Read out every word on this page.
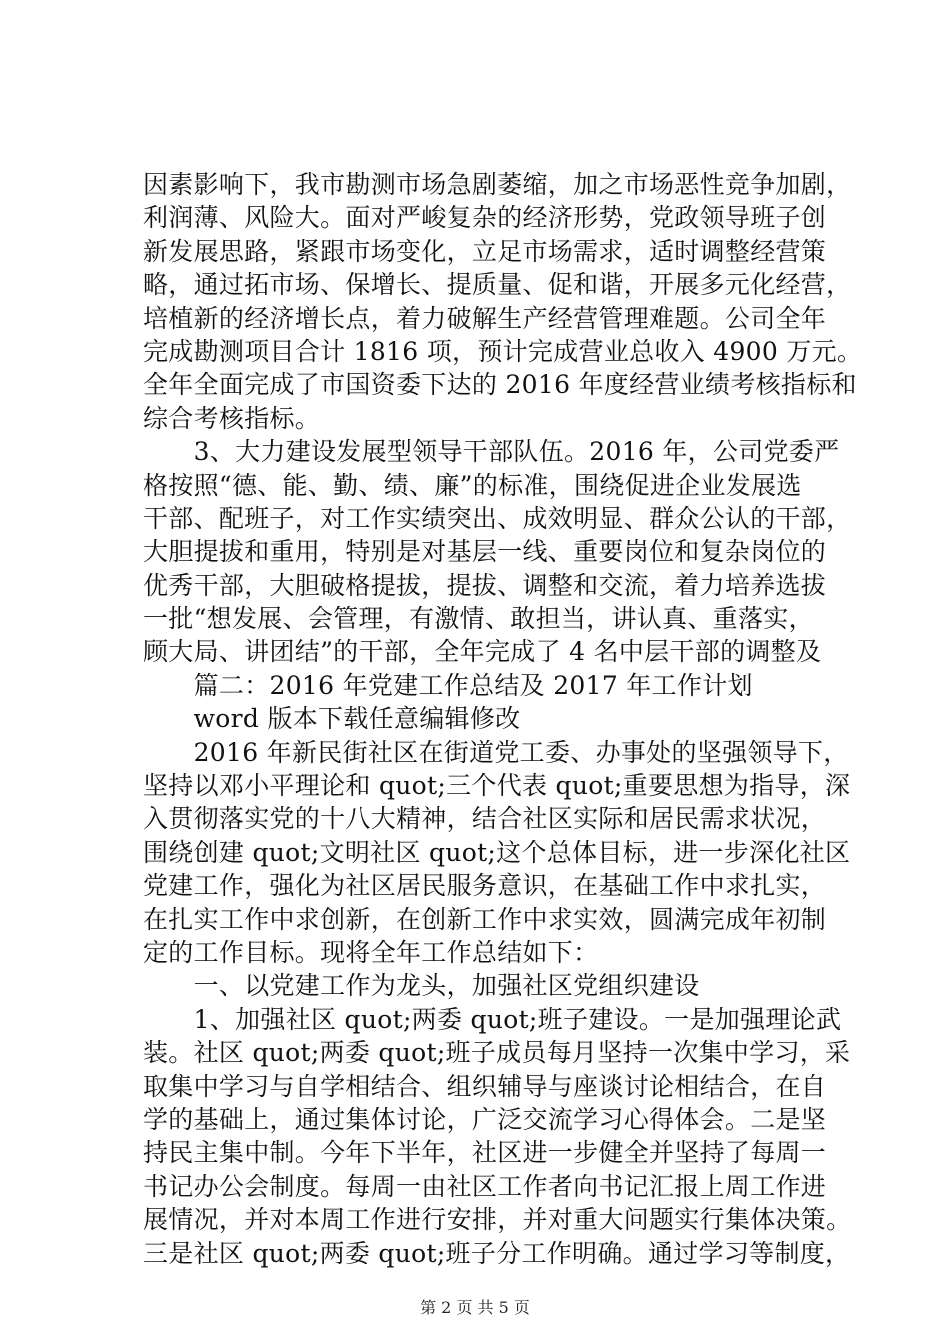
因素影响下，我市勘测市场急剧萎缩，加之市场恶性竞争加剧，
利润薄、风险大。面对严峻复杂的经济形势，党政领导班子创
新发展思路，紧跟市场变化，立足市场需求，适时调整经营策
略，通过拓市场、保增长、提质量、促和谐，开展多元化经营，
培植新的经济增长点，着力破解生产经营管理难题。公司全年
完成勘测项目合计 1816 项，预计完成营业总收入 4900 万元。
全年全面完成了市国资委下达的 2016 年度经营业绩考核指标和
综合考核指标。
　　3、大力建设发展型领导干部队伍。2016 年，公司党委严
格按照“德、能、勤、绩、廉”的标准，围绕促进企业发展选
干部、配班子，对工作实绩突出、成效明显、群众公认的干部，
大胆提拔和重用，特别是对基层一线、重要岗位和复杂岗位的
优秀干部，大胆破格提拔，提拔、调整和交流，着力培养选拔
一批“想发展、会管理，有激情、敢担当，讲认真、重落实，
顾大局、讲团结”的干部，全年完成了 4 名中层干部的调整及
　　篇二：2016 年党建工作总结及 2017 年工作计划
　　word 版本下载任意编辑修改
　　2016 年新民街社区在街道党工委、办事处的坚强领导下，
坚持以邓小平理论和 quot;三个代表 quot;重要思想为指导，深
入贯彻落实党的十八大精神，结合社区实际和居民需求状况，
围绕创建 quot;文明社区 quot;这个总体目标，进一步深化社区
党建工作，强化为社区居民服务意识，在基础工作中求扎实，
在扎实工作中求创新，在创新工作中求实效，圆满完成年初制
定的工作目标。现将全年工作总结如下：
　　一、以党建工作为龙头，加强社区党组织建设
　　1、加强社区 quot;两委 quot;班子建设。一是加强理论武
装。社区 quot;两委 quot;班子成员每月坚持一次集中学习，采
取集中学习与自学相结合、组织辅导与座谈讨论相结合，在自
学的基础上，通过集体讨论，广泛交流学习心得体会。二是坚
持民主集中制。今年下半年，社区进一步健全并坚持了每周一
书记办公会制度。每周一由社区工作者向书记汇报上周工作进
展情况，并对本周工作进行安排，并对重大问题实行集体决策。
三是社区 quot;两委 quot;班子分工作明确。通过学习等制度，
第 2 页 共 5 页
